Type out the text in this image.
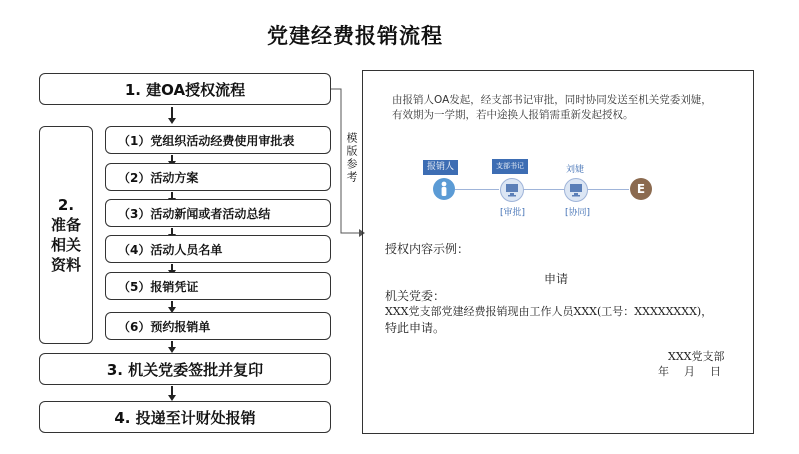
党建经费报销流程
1. 建OA授权流程
2.
准备
相关
资料
（1）党组织活动经费使用审批表
（2）活动方案
（3）活动新闻或者活动总结
（4）活动人员名单
（5）报销凭证
（6）预约报销单
3. 机关党委签批并复印
4. 投递至计财处报销
模版参考
由报销人OA发起，经支部书记审批，同时协同发送至机关党委刘婕，
有效期为一学期，若中途换人报销需重新发起授权。
报销人	支部书记
[审批]
刘婕
[协同]
E
授权内容示例：
申请
机关党委：
XXX党支部党建经费报销现由工作人员XXX(工号：XXXXXXXX)，
特此申请。
XXX党支部
年　月　日
